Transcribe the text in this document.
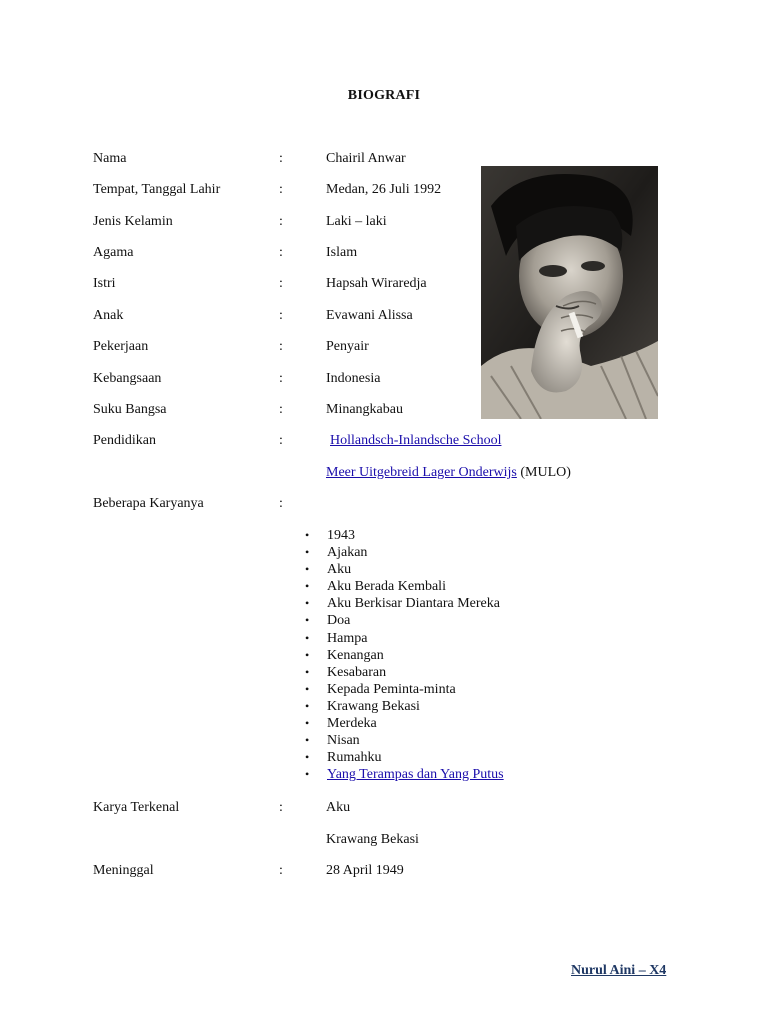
BIOGRAFI
Nama	:	Chairil Anwar
Tempat, Tanggal Lahir	:	Medan, 26 Juli 1992
Jenis Kelamin	:	Laki – laki
Agama	:	Islam
Istri	:	Hapsah Wiraredja
Anak	:	Evawani Alissa
Pekerjaan	:	Penyair
Kebangsaan	:	Indonesia
Suku Bangsa	:	Minangkabau
Pendidikan	:	Hollandsch-Inlandsche School
Meer Uitgebreid Lager Onderwijs (MULO)
Beberapa Karyanya	:
• 1943
• Ajakan
• Aku
• Aku Berada Kembali
• Aku Berkisar Diantara Mereka
• Doa
• Hampa
• Kenangan
• Kesabaran
• Kepada Peminta-minta
• Krawang Bekasi
• Merdeka
• Nisan
• Rumahku
• Yang Terampas dan Yang Putus
Karya Terkenal	:	Aku
Krawang Bekasi
Meninggal	:	28 April 1949
Nurul Aini – X4
